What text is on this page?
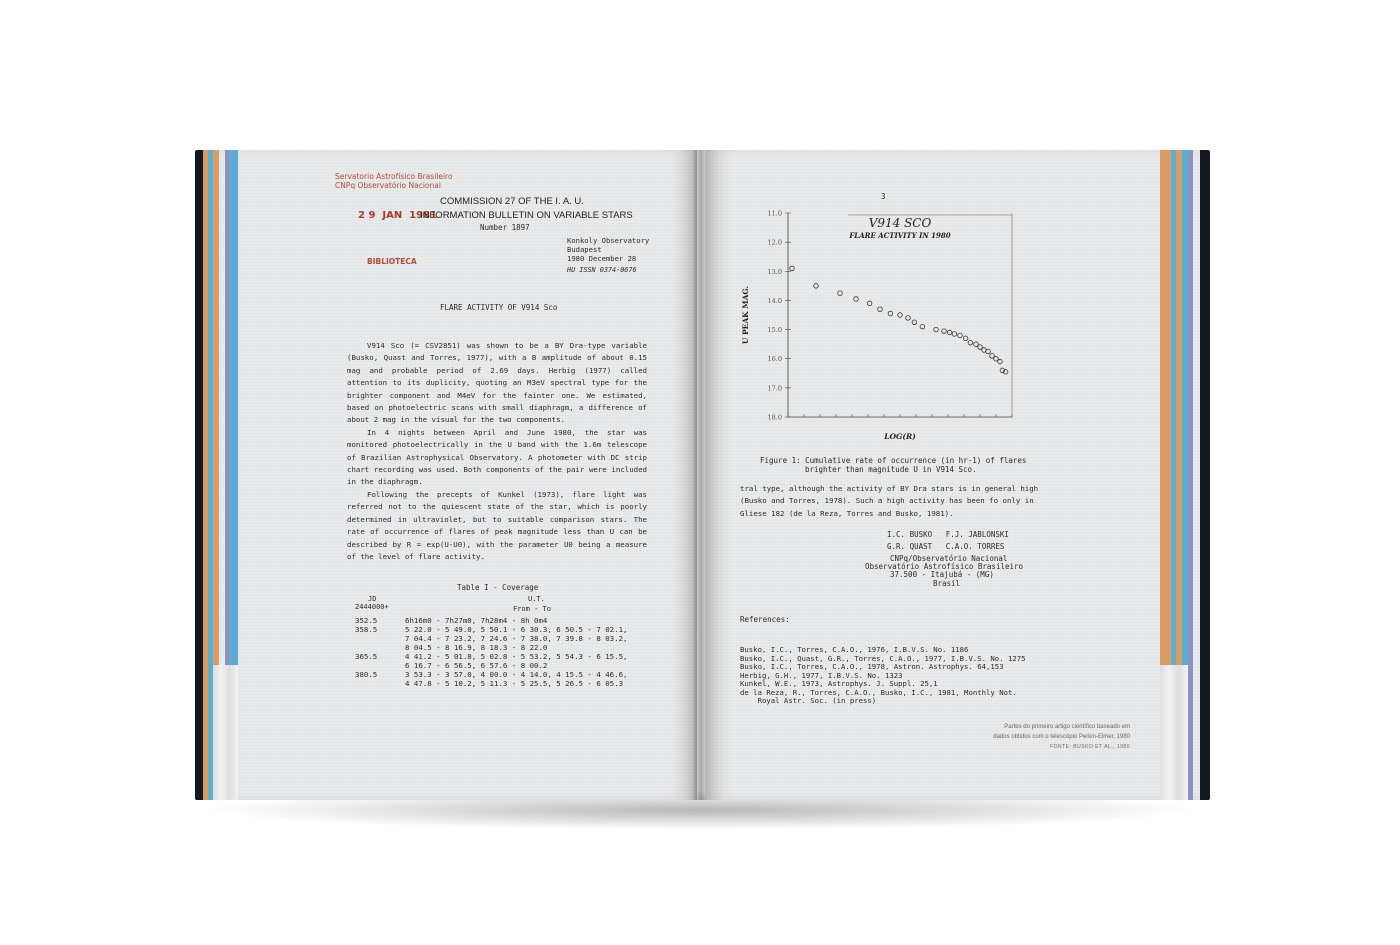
Servatorio Astrofísico Brasileiro
CNPq Observatório Nacional
COMMISSION 27 OF THE I. A. U.
2 9  JAN  1981
INFORMATION BULLETIN ON VARIABLE STARS
Number 1897
Konkoly Observatory
Budapest
1980 December 28
BIBLIOTECA
HU ISSN 0374-0676
FLARE ACTIVITY OF V914 Sco

V914 Sco (= CSV2851) was shown to be a BY Dra-type variable (Busko, Quast and Torres, 1977), with a B amplitude of about 0.15 mag and probable period of 2.69 days. Herbig (1977) called attention to its duplicity, quoting an M3eV spectral type for the brighter component and M4eV for the fainter one. We estimated, based on photoelectric scans with small diaphragm, a difference of about 2 mag in the visual for the two components.

In 4 nights between April and June 1980, the star was monitored photoelectrically in the U band with the 1.6m telescope of Brazilian Astrophysical Observatory. A photometer with DC strip chart recording was used. Both components of the pair were included in the diaphragm.

Following the precepts of Kunkel (1973), flare light was referred not to the quiescent state of the star, which is poorly determined in ultraviolet, but to suitable comparison stars. The rate of occurrence of flares of peak magnitude less than U can be described by R = exp(U-U0), with the parameter U0 being a measure of the level of flare activity.

Table I - Coverage
U.T.
JD
2444000+	From - To
352.5	6h16m0 - 7h27m0, 7h28m4 - 8h 0m4
358.5	5 22.0 - 5 49.0, 5 50.1 - 6 30.3, 6 50.5 - 7 02.1,
7 04.4 - 7 23.2, 7 24.6 - 7 38.0, 7 39.8 - 8 03.2,
8 04.5 - 8 16.9, 8 18.3 - 8 22.0
365.5	4 41.2 - 5 01.8, 5 02.8 - 5 53.2, 5 54.3 - 6 15.5,
6 16.7 - 6 56.5, 6 57.6 - 8 00.2
380.5	3 53.3 - 3 57.0, 4 00.0 - 4 14.0, 4 15.5 - 4 46.6,
4 47.8 - 5 10.2, 5 11.3 - 5 25.5, 5 26.5 - 6 05.3
3
11.0
12.0
13.0
14.0
15.0
16.0
17.0
18.0
V914 SCO
FLARE ACTIVITY IN 1980
LOG(R)
U PEAK MAG.
Figure 1: Cumulative rate of occurrence (in hr-1) of flares
brighter than magnitude U in V914 Sco.
tral type, although the activity of BY Dra stars is in general high (Busko and Torres, 1978). Such a high activity has been fo only in Gliese 182 (de la Reza, Torres and Busko, 1981).
I.C. BUSKO   F.J. JABLONSKI
G.R. QUAST   C.A.O. TORRES
CNPq/Observatório Nacional
Observatório Astrofísico Brasileiro
37.500 - Itajubá - (MG)
Brasil
References:

Busko, I.C., Torres, C.A.O., 1976, I.B.V.S. No. 1186
Busko, I.C., Quast, G.R., Torres, C.A.O., 1977, I.B.V.S. No. 1275
Busko, I.C., Torres, C.A.O., 1978, Astron. Astrophys. 64,153
Herbig, G.H., 1977, I.B.V.S. No. 1323
Kunkel, W.E., 1973, Astrophys. J. Suppl. 25,1
de la Reza, R., Torres, C.A.O., Busko, I.C., 1981, Monthly Not.
Royal Astr. Soc. (in press)

Partes do primeiro artigo científico baseado em
dados obtidos com o telescópio Perkin-Elmer, 1980
FONTE: BUSKO ET AL., 1980
